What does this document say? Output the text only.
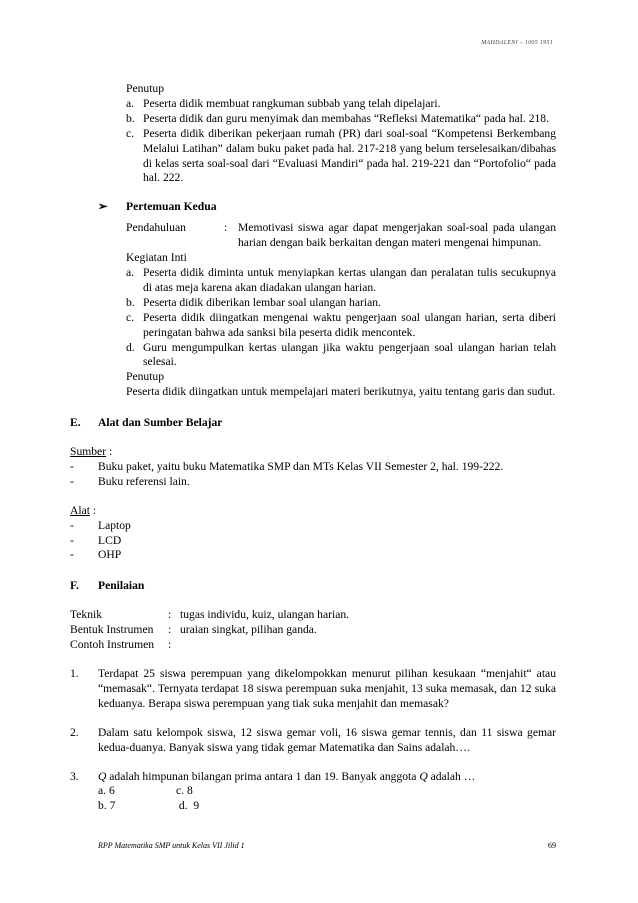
MAHDALENI – 1005 1951
Penutup
a. Peserta didik membuat rangkuman subbab yang telah dipelajari.
b. Peserta didik dan guru menyimak dan membahas “Refleksi Matematika“ pada hal. 218.
c. Peserta didik diberikan pekerjaan rumah (PR) dari soal-soal “Kompetensi Berkembang Melalui Latihan” dalam buku paket pada hal. 217-218 yang belum terselesaikan/dibahas di kelas serta soal-soal dari “Evaluasi Mandiri“ pada hal. 219-221 dan “Portofolio“ pada hal. 222.
➢	Pertemuan Kedua
Pendahuluan	: Memotivasi siswa agar dapat mengerjakan soal-soal pada ulangan harian dengan baik berkaitan dengan materi mengenai himpunan.
Kegiatan Inti
a. Peserta didik diminta untuk menyiapkan kertas ulangan dan peralatan tulis secukupnya di atas meja karena akan diadakan ulangan harian.
b. Peserta didik diberikan lembar soal ulangan harian.
c. Peserta didik diingatkan mengenai waktu pengerjaan soal ulangan harian, serta diberi peringatan bahwa ada sanksi bila peserta didik mencontek.
d. Guru mengumpulkan kertas ulangan jika waktu pengerjaan soal ulangan harian telah selesai.
Penutup
Peserta didik diingatkan untuk mempelajari materi berikutnya, yaitu tentang garis dan sudut.
E.	Alat dan Sumber Belajar
Sumber :
-	Buku paket, yaitu buku Matematika SMP dan MTs Kelas VII Semester 2, hal. 199-222.
-	Buku referensi lain.
Alat :
-	Laptop
-	LCD
-	OHP
F.	Penilaian
Teknik	: tugas individu, kuiz, ulangan harian.
Bentuk Instrumen	: uraian singkat, pilihan ganda.
Contoh Instrumen	:
1.	Terdapat 25 siswa perempuan yang dikelompokkan menurut pilihan kesukaan “menjahit“ atau “memasak“. Ternyata terdapat 18 siswa perempuan suka menjahit, 13 suka memasak, dan 12 suka keduanya. Berapa siswa perempuan yang tiak suka menjahit dan memasak?
2.	Dalam satu kelompok siswa, 12 siswa gemar voli, 16 siswa gemar tennis, dan 11 siswa gemar kedua-duanya. Banyak siswa yang tidak gemar Matematika dan Sains adalah….
3.	Q adalah himpunan bilangan prima antara 1 dan 19. Banyak anggota Q adalah …
a. 6	c. 8
b. 7	d.  9
RPP Matematika SMP untuk Kelas VII Jilid 1	69
